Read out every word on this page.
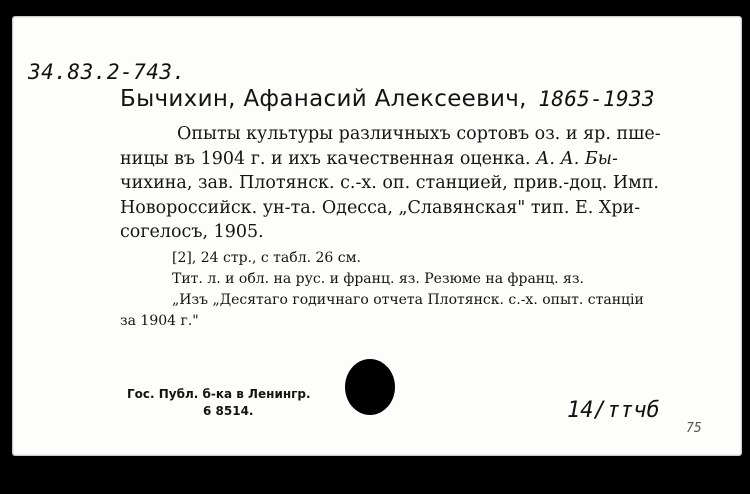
34.83.2-743.
Бычихин, Афанасий Алексеевич, 1865-1933
Опыты культуры различныхъ сортовъ оз. и яр. пше-
ницы въ 1904 г. и ихъ качественная оценка. А. А. Бы-
чихина, зав. Плотянск. с.-х. оп. станцией, прив.-доц. Имп.
Новороссийск. ун-та. Одесса, „Славянская" тип. Е. Хри-
согелосъ, 1905.
[2], 24 стр., с табл. 26 см.
Тит. л. и обл. на рус. и франц. яз. Резюме на франц. яз.
„Изъ „Десятаго годичнаго отчета Плотянск. с.-х. опыт. станціи
за 1904 г."
Гос. Публ. б-ка в Ленингр.
6 8514.	14/ттчб
75
